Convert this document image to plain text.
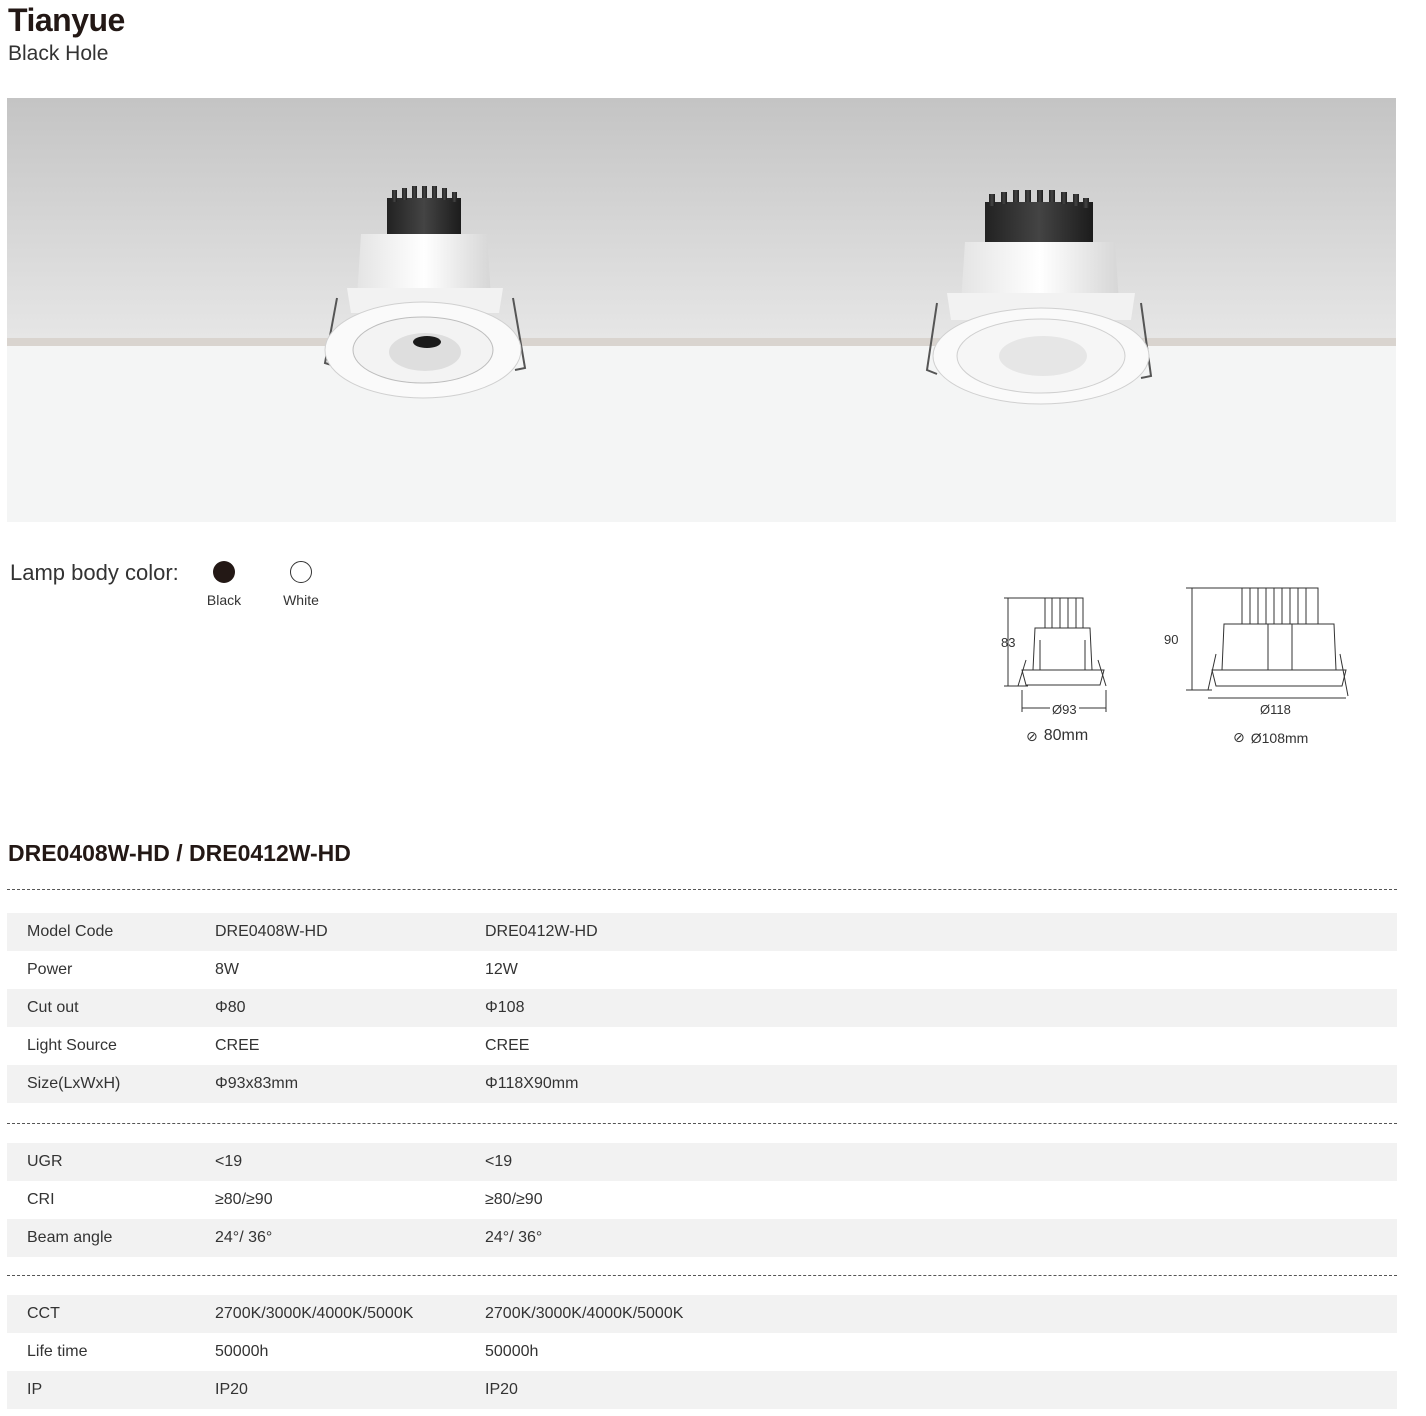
Tianyue
Black Hole
Lamp body color:
Black	White
83
Ø93
⊘ 80mm
90
Ø118
⊘ Ø108mm
DRE0408W-HD / DRE0412W-HD
Model Code	DRE0408W-HD	DRE0412W-HD
Power	8W	12W
Cut out	Φ80	Φ108
Light Source	CREE	CREE
Size(LxWxH)	Φ93x83mm	Φ118X90mm
UGR	<19	<19
CRI	≥80/≥90	≥80/≥90
Beam angle	24°/ 36°	24°/ 36°
CCT	2700K/3000K/4000K/5000K	2700K/3000K/4000K/5000K
Life time	50000h	50000h
IP	IP20	IP20
